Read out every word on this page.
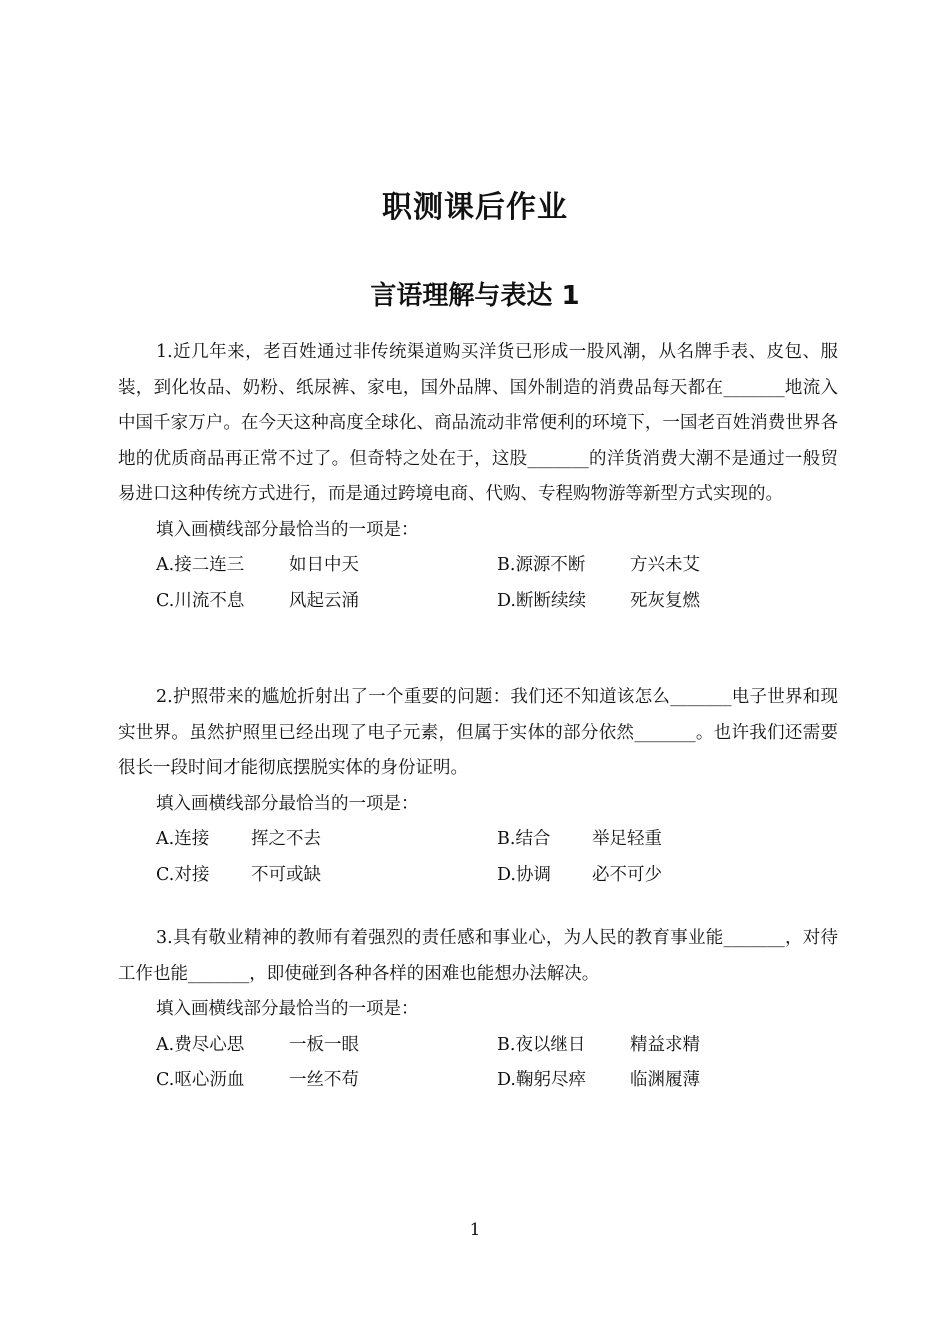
职测课后作业
言语理解与表达 1

1.近几年来，老百姓通过非传统渠道购买洋货已形成一股风潮，从名牌手表、皮包、服装，到化妆品、奶粉、纸尿裤、家电，国外品牌、国外制造的消费品每天都在_______地流入中国千家万户。在今天这种高度全球化、商品流动非常便利的环境下，一国老百姓消费世界各地的优质商品再正常不过了。但奇特之处在于，这股_______的洋货消费大潮不是通过一般贸易进口这种传统方式进行，而是通过跨境电商、代购、专程购物游等新型方式实现的。

填入画横线部分最恰当的一项是：

A.接二连三	如日中天	B.源源不断	方兴未艾
C.川流不息	风起云涌	D.断断续续	死灰复燃

2.护照带来的尴尬折射出了一个重要的问题：我们还不知道该怎么_______电子世界和现实世界。虽然护照里已经出现了电子元素，但属于实体的部分依然_______。也许我们还需要很长一段时间才能彻底摆脱实体的身份证明。

填入画横线部分最恰当的一项是：

A.连接	挥之不去	B.结合	举足轻重
C.对接	不可或缺	D.协调	必不可少

3.具有敬业精神的教师有着强烈的责任感和事业心，为人民的教育事业能_______，对待工作也能_______，即使碰到各种各样的困难也能想办法解决。

填入画横线部分最恰当的一项是：

A.费尽心思	一板一眼	B.夜以继日	精益求精
C.呕心沥血	一丝不苟	D.鞠躬尽瘁	临渊履薄
1
